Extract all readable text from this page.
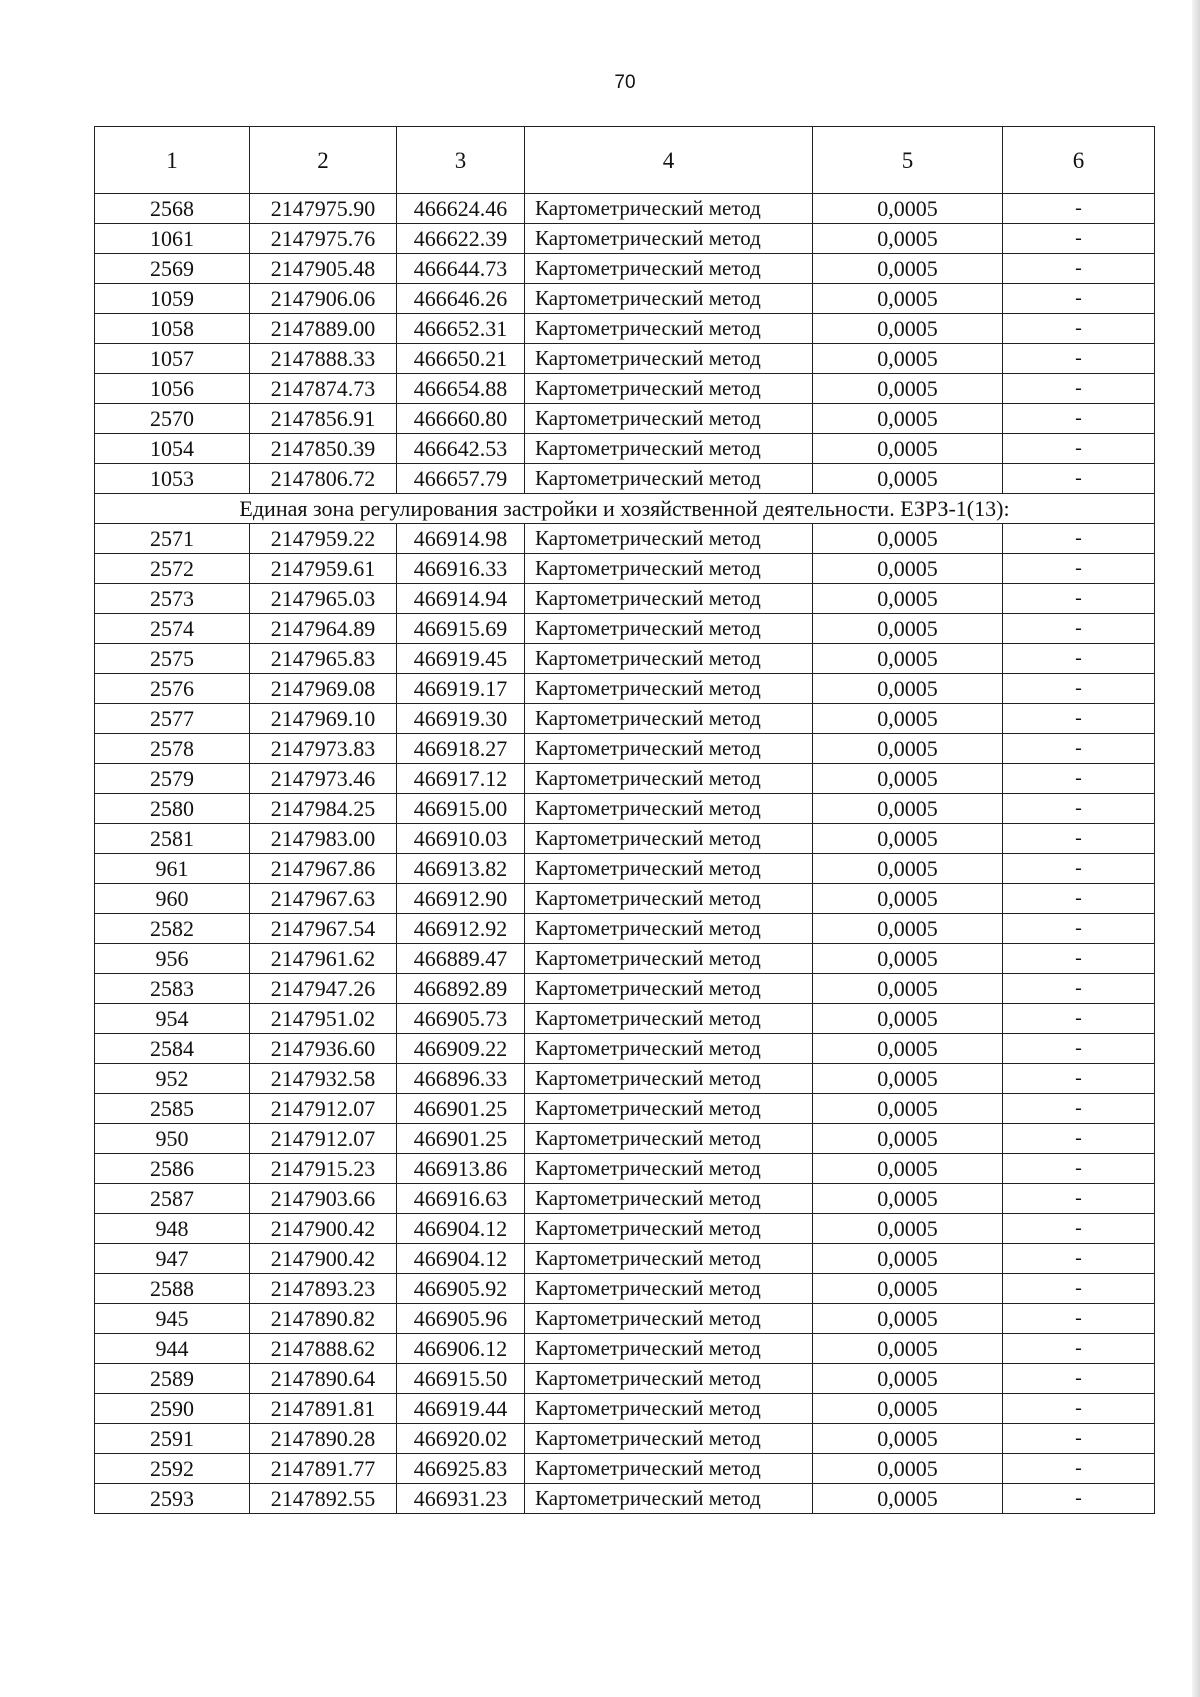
70
1	2	3	4	5	6
2568	2147975.90	466624.46	Картометрический метод	0,0005	-
1061	2147975.76	466622.39	Картометрический метод	0,0005	-
2569	2147905.48	466644.73	Картометрический метод	0,0005	-
1059	2147906.06	466646.26	Картометрический метод	0,0005	-
1058	2147889.00	466652.31	Картометрический метод	0,0005	-
1057	2147888.33	466650.21	Картометрический метод	0,0005	-
1056	2147874.73	466654.88	Картометрический метод	0,0005	-
2570	2147856.91	466660.80	Картометрический метод	0,0005	-
1054	2147850.39	466642.53	Картометрический метод	0,0005	-
1053	2147806.72	466657.79	Картометрический метод	0,0005	-
Единая зона регулирования застройки и хозяйственной деятельности. ЕЗРЗ-1(13):					
2571	2147959.22	466914.98	Картометрический метод	0,0005	-
2572	2147959.61	466916.33	Картометрический метод	0,0005	-
2573	2147965.03	466914.94	Картометрический метод	0,0005	-
2574	2147964.89	466915.69	Картометрический метод	0,0005	-
2575	2147965.83	466919.45	Картометрический метод	0,0005	-
2576	2147969.08	466919.17	Картометрический метод	0,0005	-
2577	2147969.10	466919.30	Картометрический метод	0,0005	-
2578	2147973.83	466918.27	Картометрический метод	0,0005	-
2579	2147973.46	466917.12	Картометрический метод	0,0005	-
2580	2147984.25	466915.00	Картометрический метод	0,0005	-
2581	2147983.00	466910.03	Картометрический метод	0,0005	-
961	2147967.86	466913.82	Картометрический метод	0,0005	-
960	2147967.63	466912.90	Картометрический метод	0,0005	-
2582	2147967.54	466912.92	Картометрический метод	0,0005	-
956	2147961.62	466889.47	Картометрический метод	0,0005	-
2583	2147947.26	466892.89	Картометрический метод	0,0005	-
954	2147951.02	466905.73	Картометрический метод	0,0005	-
2584	2147936.60	466909.22	Картометрический метод	0,0005	-
952	2147932.58	466896.33	Картометрический метод	0,0005	-
2585	2147912.07	466901.25	Картометрический метод	0,0005	-
950	2147912.07	466901.25	Картометрический метод	0,0005	-
2586	2147915.23	466913.86	Картометрический метод	0,0005	-
2587	2147903.66	466916.63	Картометрический метод	0,0005	-
948	2147900.42	466904.12	Картометрический метод	0,0005	-
947	2147900.42	466904.12	Картометрический метод	0,0005	-
2588	2147893.23	466905.92	Картометрический метод	0,0005	-
945	2147890.82	466905.96	Картометрический метод	0,0005	-
944	2147888.62	466906.12	Картометрический метод	0,0005	-
2589	2147890.64	466915.50	Картометрический метод	0,0005	-
2590	2147891.81	466919.44	Картометрический метод	0,0005	-
2591	2147890.28	466920.02	Картометрический метод	0,0005	-
2592	2147891.77	466925.83	Картометрический метод	0,0005	-
2593	2147892.55	466931.23	Картометрический метод	0,0005	-
